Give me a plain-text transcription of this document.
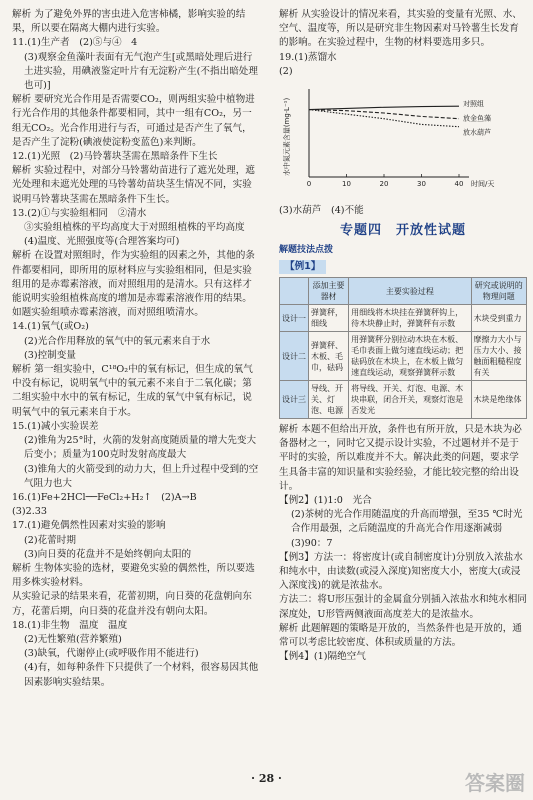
解析 为了避免外界的害虫进入危害柿橘，影响实验的结果，所以要在隔离大棚内进行实验。

11.(1)生产者　(2)⑤与④　4

(3)观察金鱼藻叶表面有无气泡产生[或黑暗处理后进行土进实验，用碘液鉴定叶片有无淀粉产生(不指出暗处理也可)]

解析 要研究光合作用是否需要CO₂，则两组实验中植物进行光合作用的其他条件都要相同，其中一组有CO₂，另一组无CO₂。光合作用进行与否，可通过是否产生了氧气，是否产生了淀粉(碘液使淀粉变蓝色)来判断。

12.(1)光照　(2)马铃薯块茎需在黑暗条件下生长

解析 实验过程中，对部分马铃薯幼苗进行了遮光处理，遮光处理和未遮光处理的马铃薯幼苗块茎生情况不同，实验说明马铃薯块茎需在黑暗条件下生长。

13.(2)①与实验组相同　②清水

③实验组植株的平均高度大于对照组植株的平均高度

(4)温度、光照强度等(合理答案均可)

解析 在设置对照组时，作为实验组的因素之外，其他的条件都要相同，即所用的原材料应与实验组相同，但是实验组用的是赤霉素溶液，而对照组用的是清水。只有这样才能说明实验组植株高度的增加是赤霉素溶液作用的结果。如题实验组喷赤霉素溶液，而对照组喷清水。

14.(1)氧气(或O₂)

(2)光合作用释放的氧气中的氧元素来自于水

(3)控制变量

解析 第一组实验中，C¹⁸O₂中的氧有标记，但生成的氧气中没有标记，说明氧气中的氧元素不来自于二氧化碳；第二组实验中水中的氧有标记，生成的氧气中氧有标记，说明氧气中的氧元素来自于水。

15.(1)减小实验误差

(2)锥角为25°时，火箭的发射高度随质量的增大先变大后变小；质量为100克时发射高度最大

(3)锥角大的火箭受到的动力大，但上升过程中受到的空气阻力也大

16.(1)Fe+2HCl──FeCl₂+H₂↑　(2)A→B

(3)2.33

17.(1)避免偶然性因素对实验的影响

(2)花蕾时期

(3)向日葵的花盘并不是始终朝向太阳的

解析 生物体实验的选材，要避免实验的偶然性，所以要选用多株实验材料。

从实验记录的结果来看，花蕾初期，向日葵的花盘朝向东方，花蕾后期，向日葵的花盘并没有朝向太阳。

18.(1)非生物　温度　温度

(2)无性繁殖(营养繁殖)

(3)缺氧，代谢停止(或呼吸作用不能进行)

(4)有，如每种条件下只提供了一个材料，很容易因其他因素影响实验结果。

解析 从实验设计的情况来看，其实验的变量有光照、水、空气、温度等，所以是研究非生物因素对马铃薯生长发育的影响。在实验过程中，生物的材料要选用多只。

19.(1)蒸馏水

(2)

0	10	20	30	40 时间/天
水中氮元素含量(mg·L⁻¹)	对照组
放金鱼藻
放水葫芦

(3)水葫芦　(4)不能

专题四　开放性试题
解题技法点拨
【例1】
	添加主要器材	主要实验过程	研究或说明的物理问题
设计一	弹簧秤，细线	用细线将木块挂在弹簧秤钩上，待木块静止时，弹簧秤有示数	木块受到重力
设计二	弹簧秤、木板、毛巾，砝码	用弹簧秤分别拉动木块在木板、毛巾表面上做匀速直线运动；把砝码放在木块上，在木板上做匀速直线运动，观察弹簧秤示数	摩擦力大小与压力大小、接触面粗糙程度有关
设计三	导线、开关、灯泡、电源	将导线、开关、灯泡、电源、木块串联，闭合开关，观察灯泡是否发光	木块是绝缘体

解析 本题不但给出开放，条件也有所开放，只是木块为必备器材之一，同时它又提示设计实验，不过题材并不是于平时的实验，所以难度并不大。解决此类的问题，要求学生具备丰富的知识量和实验经验，才能比较完整的给出设计。

【例2】(1)1:0　光合

(2)茶树的光合作用随温度的升高而增强，至35 ℃时光合作用最强，之后随温度的升高光合作用逐渐减弱

(3)90：7

【例3】方法一：将密度计(或自制密度计)分别放入浓盐水和纯水中，由读数(或浸入深度)知密度大小，密度大(或浸入深度浅)的就是浓盐水。

方法二：将U形压强计的金属盒分别插入浓盐水和纯水相同深度处，U形管两侧液面高度差大的是浓盐水。

解析 此题解题的策略是开放的，当然条件也是开放的，通常可以考虑比较密度、体积或质量的方法。

【例4】(1)隔绝空气

· 28 ·	答案圈
